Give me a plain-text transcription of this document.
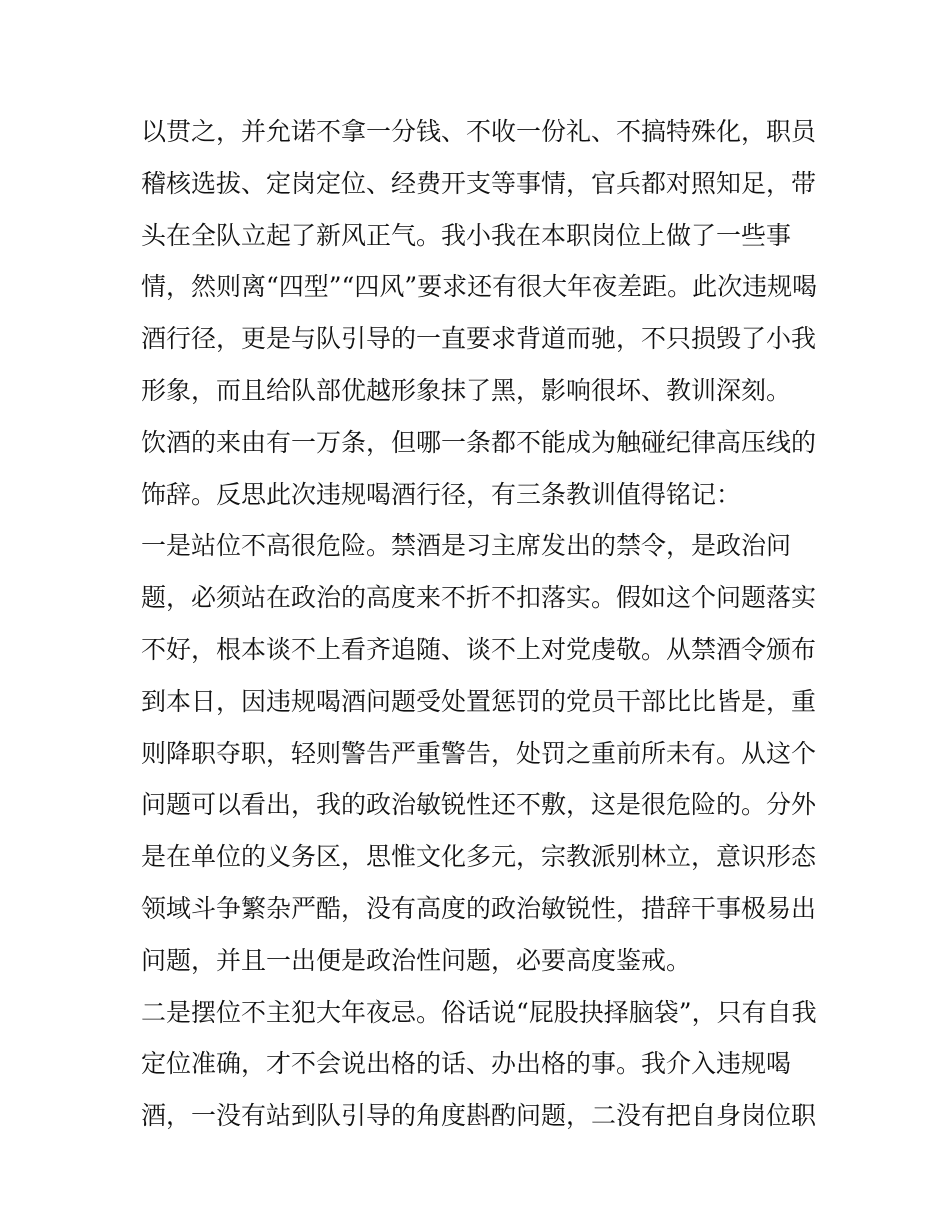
以贯之，并允诺不拿一分钱、不收一份礼、不搞特殊化，职员
稽核选拔、定岗定位、经费开支等事情，官兵都对照知足，带
头在全队立起了新风正气。我小我在本职岗位上做了一些事
情，然则离“四型”“四风”要求还有很大年夜差距。此次违规喝
酒行径，更是与队引导的一直要求背道而驰，不只损毁了小我
形象，而且给队部优越形象抹了黑，影响很坏、教训深刻。
饮酒的来由有一万条，但哪一条都不能成为触碰纪律高压线的
饰辞。反思此次违规喝酒行径，有三条教训值得铭记：
一是站位不高很危险。禁酒是习主席发出的禁令，是政治问
题，必须站在政治的高度来不折不扣落实。假如这个问题落实
不好，根本谈不上看齐追随、谈不上对党虔敬。从禁酒令颁布
到本日，因违规喝酒问题受处置惩罚的党员干部比比皆是，重
则降职夺职，轻则警告严重警告，处罚之重前所未有。从这个
问题可以看出，我的政治敏锐性还不敷，这是很危险的。分外
是在单位的义务区，思惟文化多元，宗教派别林立，意识形态
领域斗争繁杂严酷，没有高度的政治敏锐性，措辞干事极易出
问题，并且一出便是政治性问题，必要高度鉴戒。
二是摆位不主犯大年夜忌。俗话说“屁股抉择脑袋”，只有自我
定位准确，才不会说出格的话、办出格的事。我介入违规喝
酒，一没有站到队引导的角度斟酌问题，二没有把自身岗位职
